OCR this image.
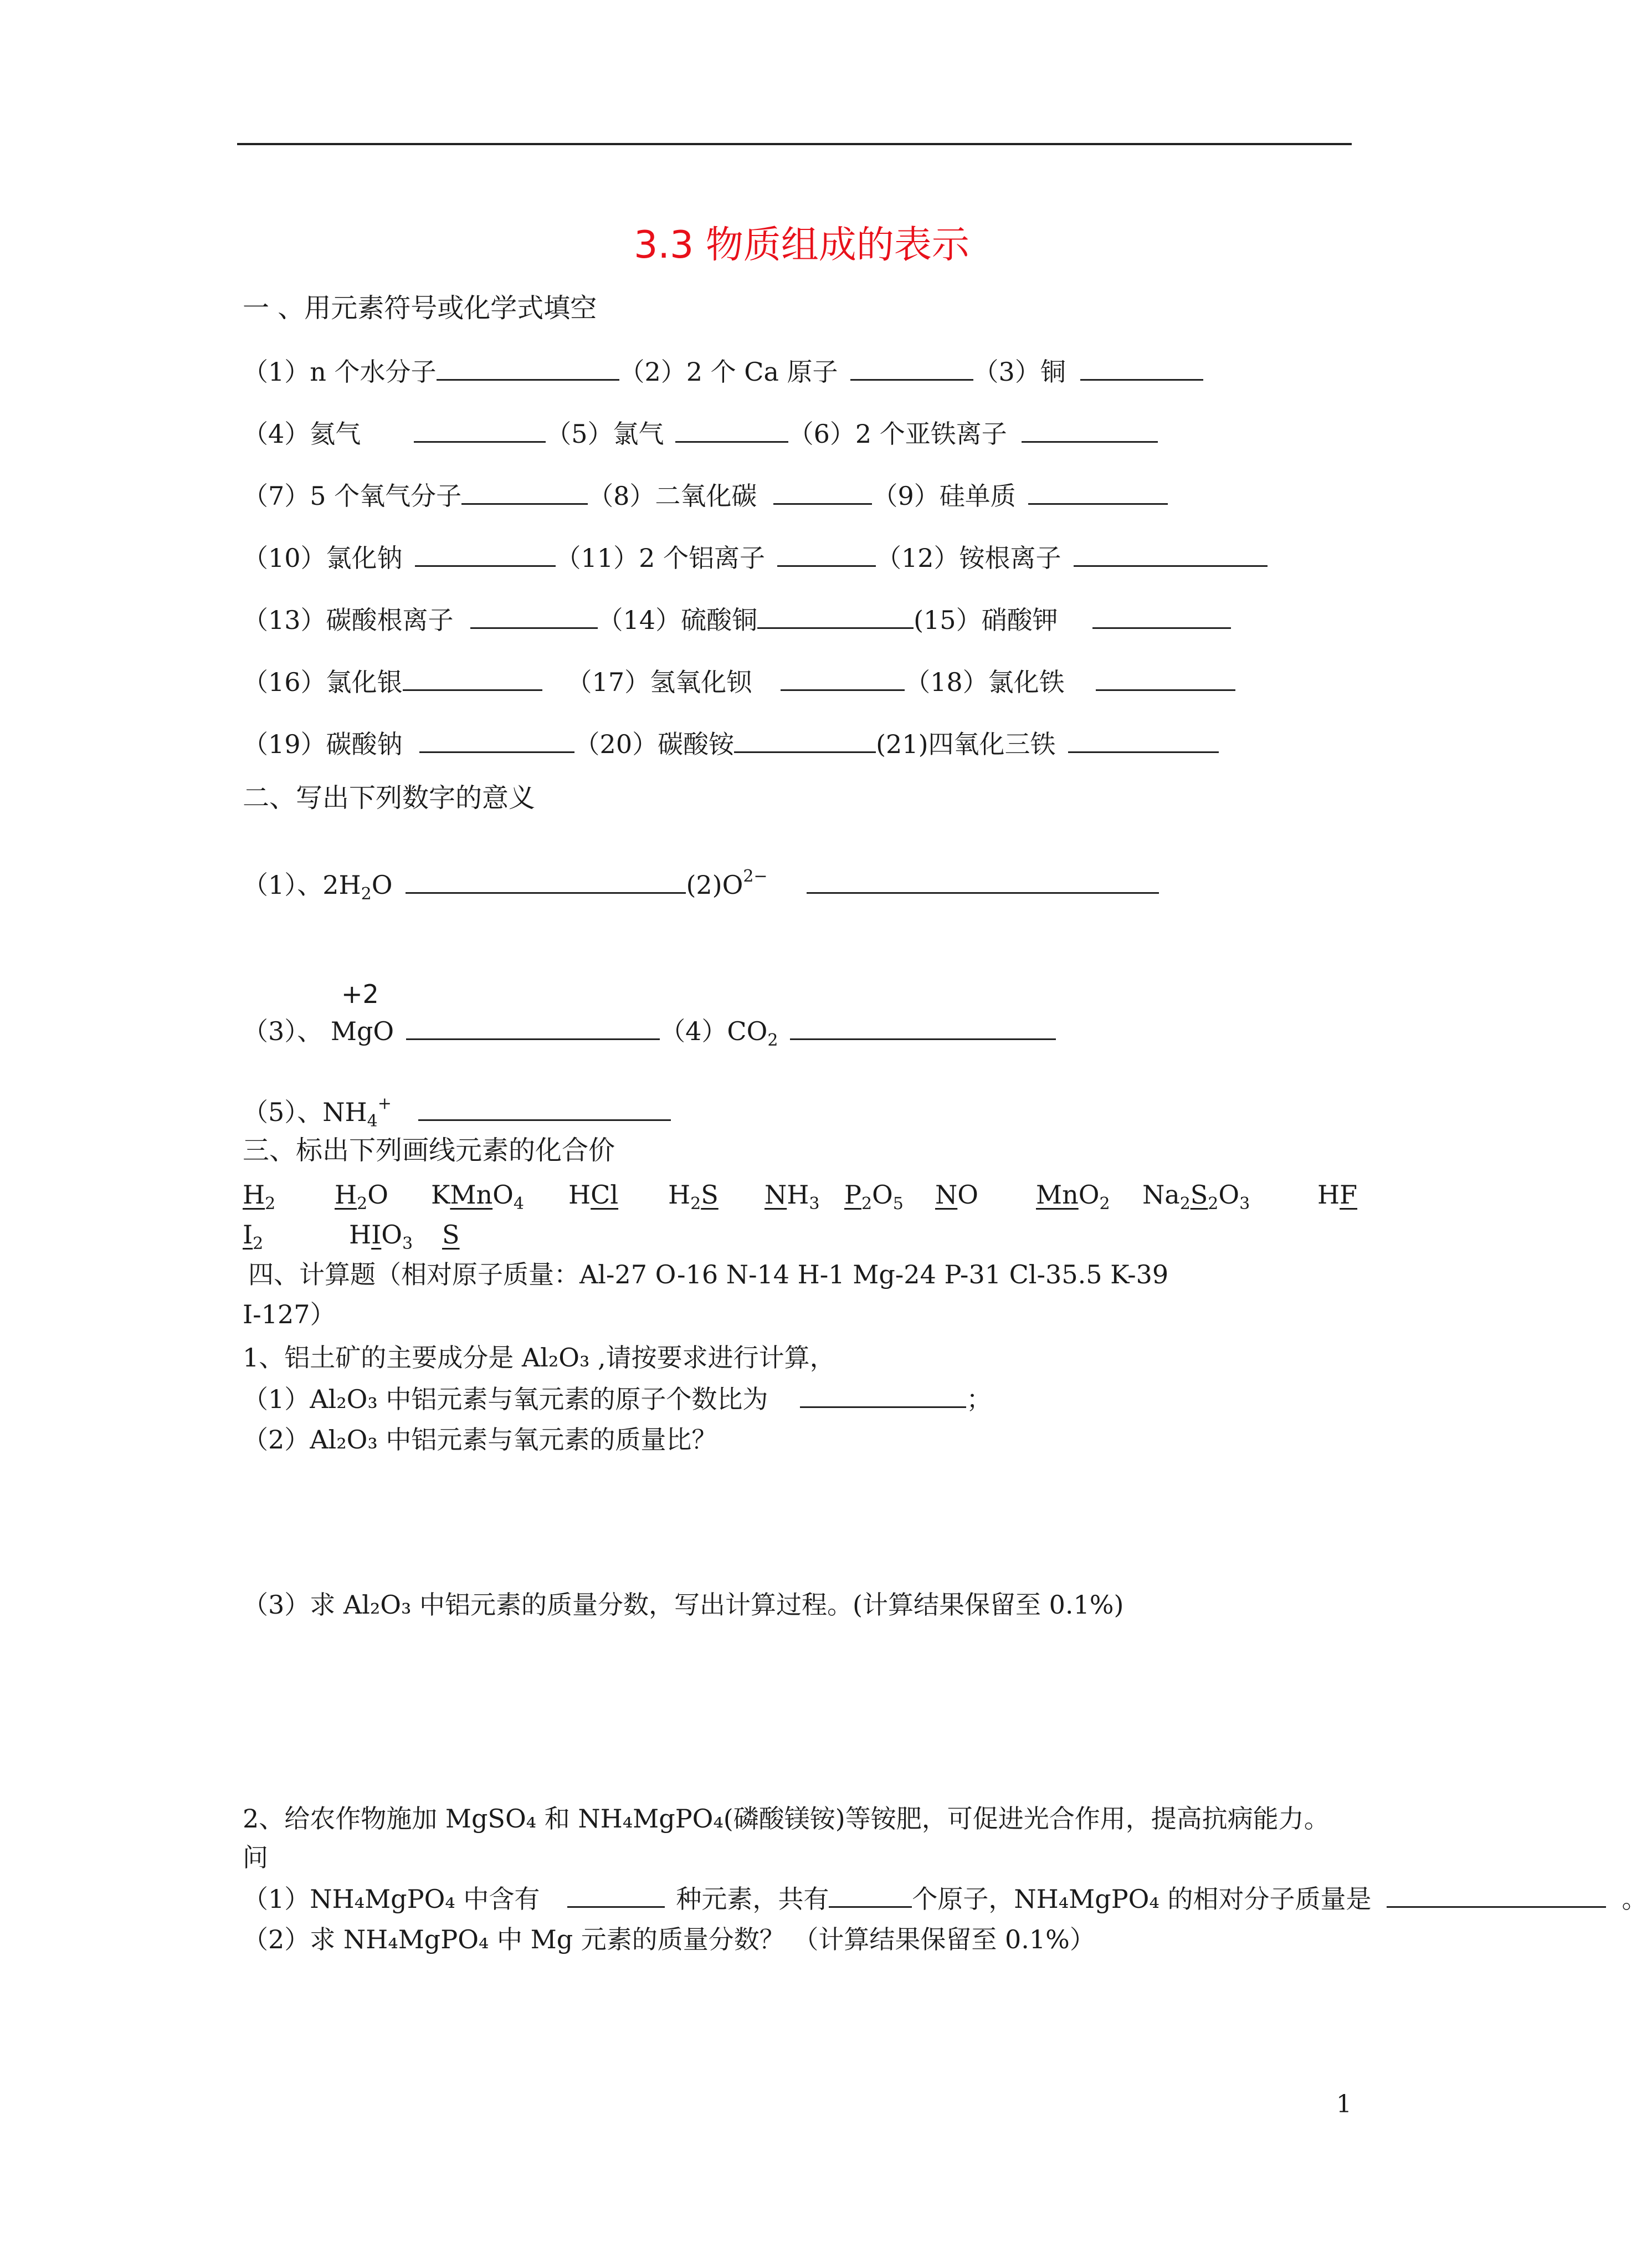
3.3 物质组成的表示
一 、用元素符号或化学式填空
（1）n 个水分子	（2）2 个 Ca 原子	（3）铜
（4）氦气	（5）氯气	（6）2 个亚铁离子
（7）5 个氧气分子	（8）二氧化碳	（9）硅单质
（10）氯化钠	（11）2 个铝离子	（12）铵根离子
（13）碳酸根离子	（14）硫酸铜	(15）硝酸钾
（16）氯化银	（17）氢氧化钡	（18）氯化铁
（19）碳酸钠	（20）碳酸铵	(21)四氧化三铁
二、写出下列数字的意义
（1）、$2H_2O$	$(2)O^{2-}$
+2
（3）、 MgO	$(4)CO_2$
（5）、$NH_4^+$
三、标出下列画线元素的化合价
$H_2$ $H_2O$ KMnO$_4$ HCl $H_2S$ $NH_3$ $P_2O_5$ NO MnO$_2$ $Na_2S_2O_3$	HF
$I_2$	$HIO_3$ S
四、计算题（相对原子质量：Al-27 O-16 N-14 H-1 Mg-24 P-31 Cl-35.5 K-39
I-127）
1、铝土矿的主要成分是 Al₂O₃ ,请按要求进行计算，
（1）Al₂O₃ 中铝元素与氧元素的原子个数比为	；
（2）Al₂O₃ 中铝元素与氧元素的质量比？
（3）求 Al₂O₃ 中铝元素的质量分数，写出计算过程。(计算结果保留至 0.1%)
2、给农作物施加 MgSO₄ 和 NH₄MgPO₄(磷酸镁铵)等铵肥，可促进光合作用，提高抗病能力。
问
（1）NH₄MgPO₄ 中含有	种元素，共有	个原子，NH₄MgPO₄ 的相对分子质量是	。
（2）求 NH₄MgPO₄ 中 Mg 元素的质量分数？ （计算结果保留至 0.1%）
1
